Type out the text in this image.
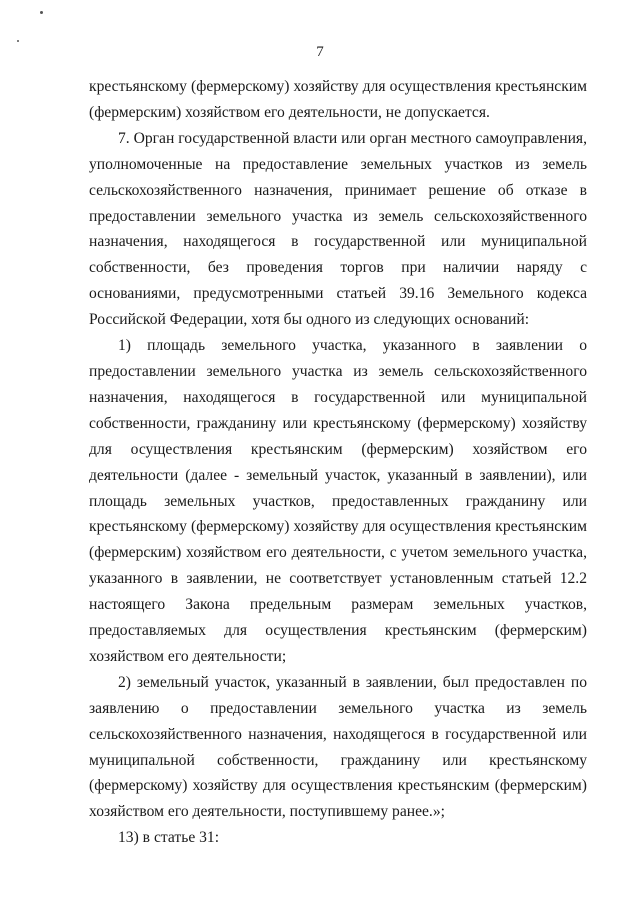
7

крестьянскому (фермерскому) хозяйству для осуществления крестьянским (фермерским) хозяйством его деятельности, не допускается.

7. Орган государственной власти или орган местного самоуправления, уполномоченные на предоставление земельных участков из земель сельскохозяйственного назначения, принимает решение об отказе в предоставлении земельного участка из земель сельскохозяйственного назначения, находящегося в государственной или муниципальной собственности, без проведения торгов при наличии наряду с основаниями, предусмотренными статьей 39.16 Земельного кодекса Российской Федерации, хотя бы одного из следующих оснований:

1) площадь земельного участка, указанного в заявлении о предоставлении земельного участка из земель сельскохозяйственного назначения, находящегося в государственной или муниципальной собственности, гражданину или крестьянскому (фермерскому) хозяйству для осуществления крестьянским (фермерским) хозяйством его деятельности (далее - земельный участок, указанный в заявлении), или площадь земельных участков, предоставленных гражданину или крестьянскому (фермерскому) хозяйству для осуществления крестьянским (фермерским) хозяйством его деятельности, с учетом земельного участка, указанного в заявлении, не соответствует установленным статьей 12.2 настоящего Закона предельным размерам земельных участков, предоставляемых для осуществления крестьянским (фермерским) хозяйством его деятельности;

2) земельный участок, указанный в заявлении, был предоставлен по заявлению о предоставлении земельного участка из земель сельскохозяйственного назначения, находящегося в государственной или муниципальной собственности, гражданину или крестьянскому (фермерскому) хозяйству для осуществления крестьянским (фермерским) хозяйством его деятельности, поступившему ранее.»;

13) в статье 31:
